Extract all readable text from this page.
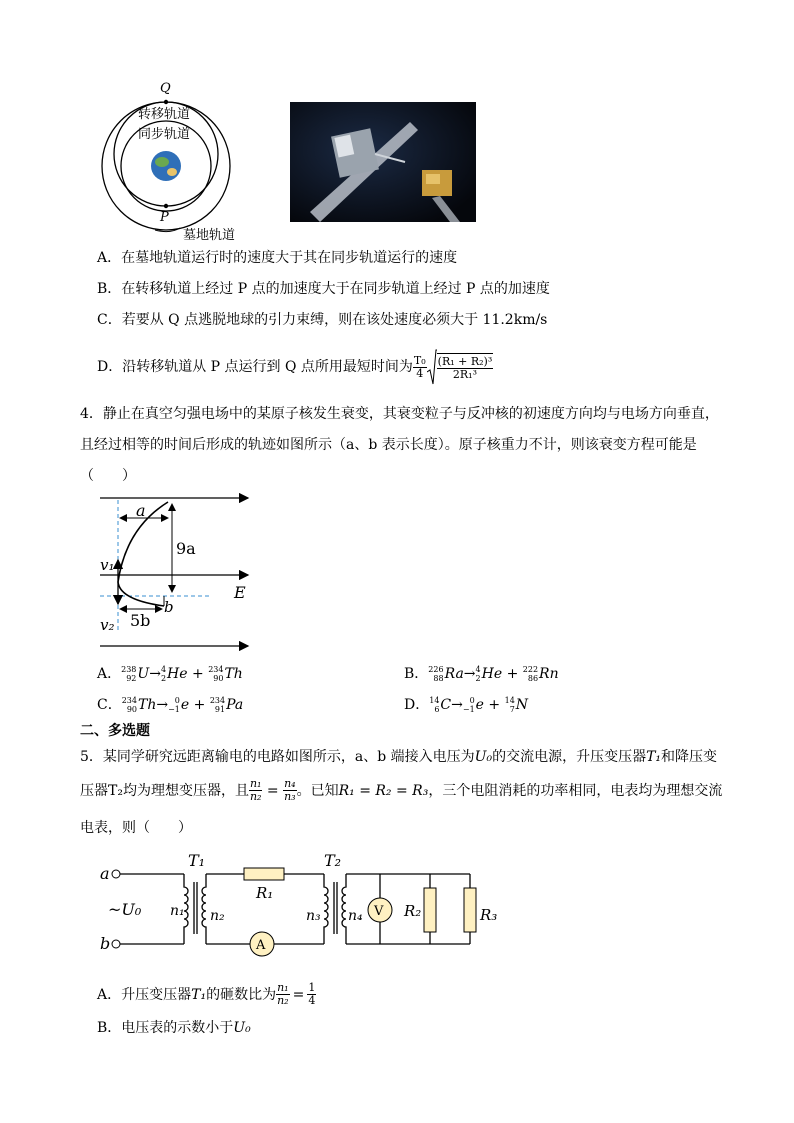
Q
P
转移轨道
同步轨道
墓地轨道
A．在墓地轨道运行时的速度大于其在同步轨道运行的速度
B．在转移轨道上经过 P 点的加速度大于在同步轨道上经过 P 点的加速度
C．若要从 Q 点逃脱地球的引力束缚，则在该处速度必须大于 11.2km/s
D．沿转移轨道从 P 点运行到 Q 点所用最短时间为 $\frac{\text{T₀}}{4} \frac{\text{(R₁ + R₂)³}}{\text{2R₁³}}$
4．静止在真空匀强电场中的某原子核发生衰变，其衰变粒子与反冲核的初速度方向均与电场方向垂直，
且经过相等的时间后形成的轨迹如图所示（a、b 表示长度）。原子核重力不计，则该衰变方程可能是
（　　）
a
9a
v₁
E
b
v₂ 5b
A． 238
92 U→ 4
2 He + 234
90 Th	B． 226
88 Ra→ 4
2 He + 222
86 Rn
C． 234
90 Th→ 0
−1 e + 234
91 Pa	D． 14
6 C→ 0
−1 e + 14
7 N
二、多选题
5．某同学研究远距离输电的电路如图所示，a、b 端接入电压为U₀的交流电源，升压变压器T₁和降压变
压器T₂均为理想变压器，且 $\frac{\text{n₁}}{\text{n₂}} = \frac{\text{n₄}}{\text{n₃}}$ 。已知 R₁ = R₂ = R₃ ，三个电阻消耗的功率相同，电表均为理想交流
电表，则（　　）
a
b
~U₀
T₁	T₂
n₁ n₂	n₃ n₄
R₁
R₂	R₃
A
V
A．升压变压器 T₁ 的砸数比为 $\frac{\text{n₁}}{\text{n₂}} = \frac{1}{4}$
B．电压表的示数小于U₀
